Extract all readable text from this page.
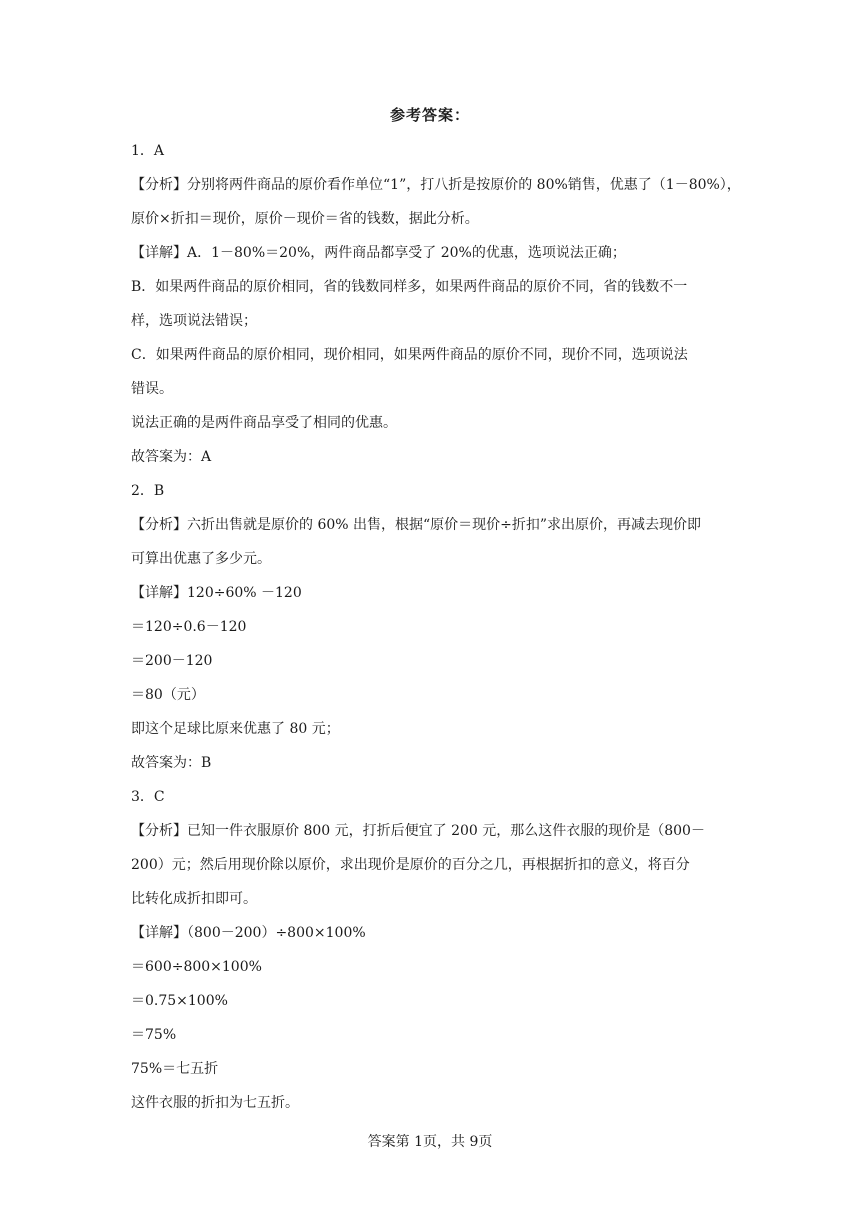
参考答案：
1．A
【分析】分别将两件商品的原价看作单位“1”，打八折是按原价的 80%销售，优惠了（1－80%），
原价×折扣＝现价，原价－现价＝省的钱数，据此分析。
【详解】A．1－80%＝20%，两件商品都享受了 20%的优惠，选项说法正确；
B．如果两件商品的原价相同，省的钱数同样多，如果两件商品的原价不同，省的钱数不一
样，选项说法错误；
C．如果两件商品的原价相同，现价相同，如果两件商品的原价不同，现价不同，选项说法
错误。
说法正确的是两件商品享受了相同的优惠。
故答案为：A
2．B
【分析】六折出售就是原价的 60% 出售，根据“原价＝现价÷折扣”求出原价，再减去现价即
可算出优惠了多少元。
【详解】120÷60% －120
＝120÷0.6－120
＝200－120
＝80（元）
即这个足球比原来优惠了 80 元；
故答案为：B
3．C
【分析】已知一件衣服原价 800 元，打折后便宜了 200 元，那么这件衣服的现价是（800－
200）元；然后用现价除以原价，求出现价是原价的百分之几，再根据折扣的意义，将百分
比转化成折扣即可。
【详解】（800－200）÷800×100%
＝600÷800×100%
＝0.75×100%
＝75%
75%＝七五折
这件衣服的折扣为七五折。
答案第 1页，共 9页
